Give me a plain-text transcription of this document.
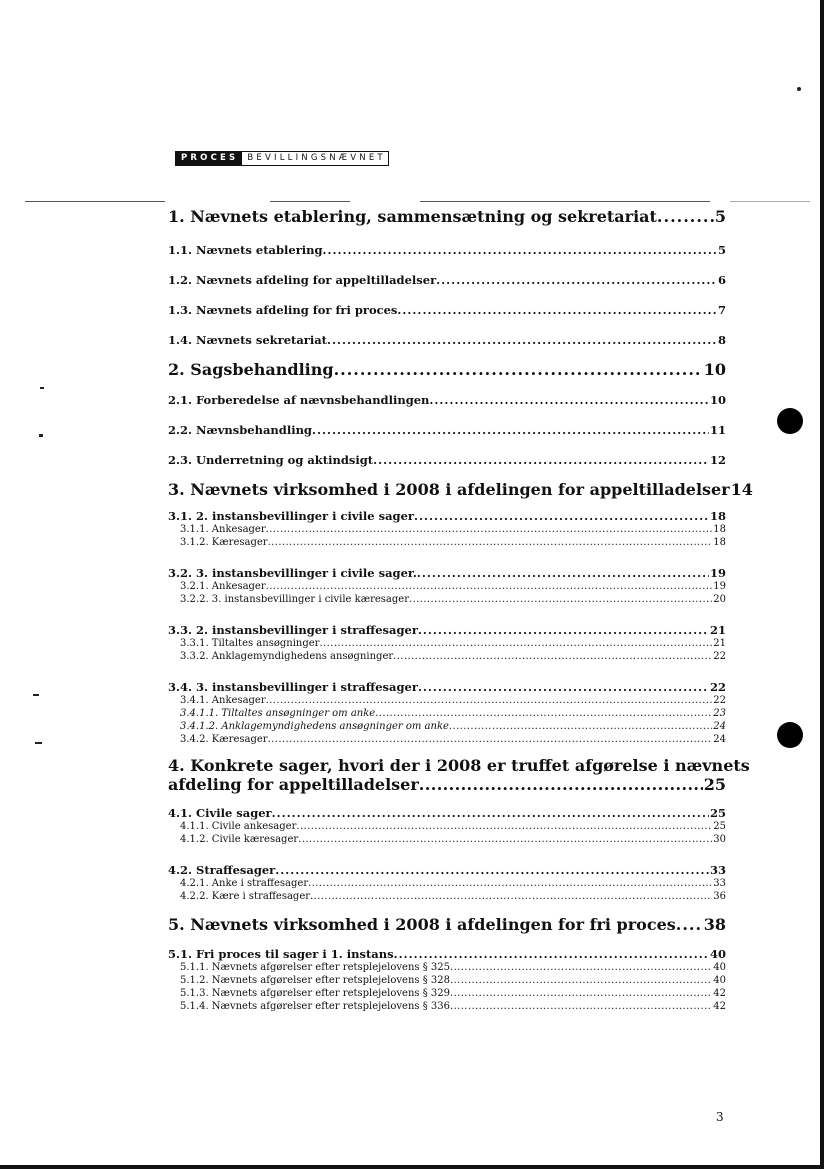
PROCES	BEVILLINGSNÆVNET
1. Nævnets etablering, sammensætning og sekretariat .....	5
1.1. Nævnets etablering .....	5
1.2. Nævnets afdeling for appeltilladelser .....	6
1.3. Nævnets afdeling for fri proces .....	7
1.4. Nævnets sekretariat .....	8
2. Sagsbehandling .....	10
2.1. Forberedelse af nævnsbehandlingen .....	10
2.2. Nævnsbehandling .....	11
2.3. Underretning og aktindsigt .....	12
3. Nævnets virksomhed i 2008 i afdelingen for appeltilladelser 14
3.1. 2. instansbevillinger i civile sager .....	18
3.1.1. Ankesager .....	18
3.1.2. Kæresager .....	18
3.2. 3. instansbevillinger i civile sager. .....	19
3.2.1. Ankesager .....	19
3.2.2. 3. instansbevillinger i civile kæresager .....	20
3.3. 2. instansbevillinger i straffesager .....	21
3.3.1. Tiltaltes ansøgninger .....	21
3.3.2. Anklagemyndighedens ansøgninger .....	22
3.4. 3. instansbevillinger i straffesager .....	22
3.4.1. Ankesager .....	22
3.4.1.1. Tiltaltes ansøgninger om anke .....	23
3.4.1.2. Anklagemyndighedens ansøgninger om anke .....	24
3.4.2. Kæresager .....	24
4. Konkrete sager, hvori der i 2008 er truffet afgørelse i nævnets
afdeling for appeltilladelser .....	25
4.1. Civile sager .....	25
4.1.1. Civile ankesager .....	25
4.1.2. Civile kæresager .....	30
4.2. Straffesager .....	33
4.2.1. Anke i straffesager .....	33
4.2.2. Kære i straffesager .....	36
5. Nævnets virksomhed i 2008 i afdelingen for fri proces ..... 38
5.1. Fri proces til sager i 1. instans .....	40
5.1.1. Nævnets afgørelser efter retsplejelovens § 325 .....	40
5.1.2. Nævnets afgørelser efter retsplejelovens § 328 .....	40
5.1.3. Nævnets afgørelser efter retsplejelovens § 329 .....	42
5.1.4. Nævnets afgørelser efter retsplejelovens § 336 .....	42
3
